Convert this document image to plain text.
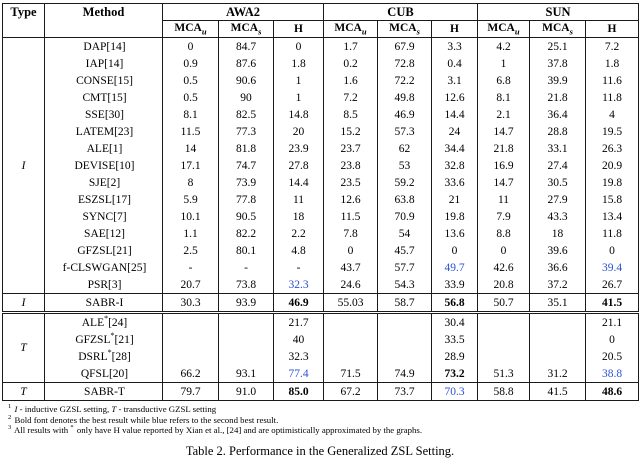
Type	Method	AWA2			CUB			SUN		
		$MCA_u$	$MCA_s$	H	$MCA_u$	$MCA_s$	H	$MCA_u$	$MCA_s$	H
I	DAP[14]	0	84.7	0	1.7	67.9	3.3	4.2	25.1	7.2
	IAP[14]	0.9	87.6	1.8	0.2	72.8	0.4	1	37.8	1.8
	CONSE[15]	0.5	90.6	1	1.6	72.2	3.1	6.8	39.9	11.6
	CMT[15]	0.5	90	1	7.2	49.8	12.6	8.1	21.8	11.8
	SSE[30]	8.1	82.5	14.8	8.5	46.9	14.4	2.1	36.4	4
	LATEM[23]	11.5	77.3	20	15.2	57.3	24	14.7	28.8	19.5
	ALE[1]	14	81.8	23.9	23.7	62	34.4	21.8	33.1	26.3
	DEVISE[10]	17.1	74.7	27.8	23.8	53	32.8	16.9	27.4	20.9
	SJE[2]	8	73.9	14.4	23.5	59.2	33.6	14.7	30.5	19.8
	ESZSL[17]	5.9	77.8	11	12.6	63.8	21	11	27.9	15.8
	SYNC[7]	10.1	90.5	18	11.5	70.9	19.8	7.9	43.3	13.4
	SAE[12]	1.1	82.2	2.2	7.8	54	13.6	8.8	18	11.8
	GFZSL[21]	2.5	80.1	4.8	0	45.7	0	0	39.6	0
	f-CLSWGAN[25]	-	-	-	43.7	57.7	49.7	42.6	36.6	39.4
	PSR[3]	20.7	73.8	32.3	24.6	54.3	33.9	20.8	37.2	26.7
I	SABR-I	30.3	93.9	46.9	55.03	58.7	56.8	50.7	35.1	41.5
T	ALE*[24]			21.7			30.4			21.1
	GFZSL*[21]			40			33.5			0
	DSRL*[28]			32.3			28.9			20.5
	QFSL[20]	66.2	93.1	77.4	71.5	74.9	73.2	51.3	31.2	38.8
T	SABR-T	79.7	91.0	85.0	67.2	73.7	70.3	58.8	41.5	48.6
$^1$ I - inductive GZSL setting, T - transductive GZSL setting
$^2$ Bold font denotes the best result while blue refers to the second best result.
$^3$ All results with * only have H value reported by Xian et al., [24] and are optimistically approximated by the graphs.
Table 2. Performance in the Generalized ZSL Setting.
